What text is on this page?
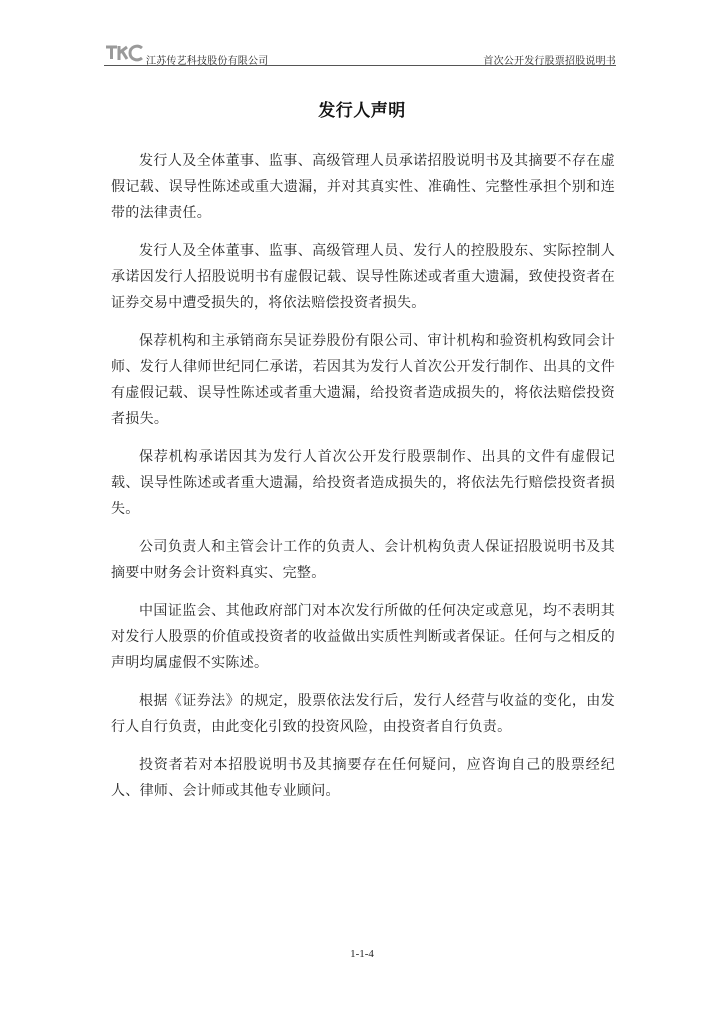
江苏传艺科技股份有限公司	首次公开发行股票招股说明书
发行人声明

发行人及全体董事、监事、高级管理人员承诺招股说明书及其摘要不存在虚假记载、误导性陈述或重大遗漏，并对其真实性、准确性、完整性承担个别和连带的法律责任。

发行人及全体董事、监事、高级管理人员、发行人的控股股东、实际控制人承诺因发行人招股说明书有虚假记载、误导性陈述或者重大遗漏，致使投资者在证券交易中遭受损失的，将依法赔偿投资者损失。

保荐机构和主承销商东吴证券股份有限公司、审计机构和验资机构致同会计师、发行人律师世纪同仁承诺，若因其为发行人首次公开发行制作、出具的文件有虚假记载、误导性陈述或者重大遗漏，给投资者造成损失的，将依法赔偿投资者损失。

保荐机构承诺因其为发行人首次公开发行股票制作、出具的文件有虚假记载、误导性陈述或者重大遗漏，给投资者造成损失的，将依法先行赔偿投资者损失。

公司负责人和主管会计工作的负责人、会计机构负责人保证招股说明书及其摘要中财务会计资料真实、完整。

中国证监会、其他政府部门对本次发行所做的任何决定或意见，均不表明其对发行人股票的价值或投资者的收益做出实质性判断或者保证。任何与之相反的声明均属虚假不实陈述。

根据《证券法》的规定，股票依法发行后，发行人经营与收益的变化，由发行人自行负责，由此变化引致的投资风险，由投资者自行负责。

投资者若对本招股说明书及其摘要存在任何疑问，应咨询自己的股票经纪人、律师、会计师或其他专业顾问。

1-1-4
